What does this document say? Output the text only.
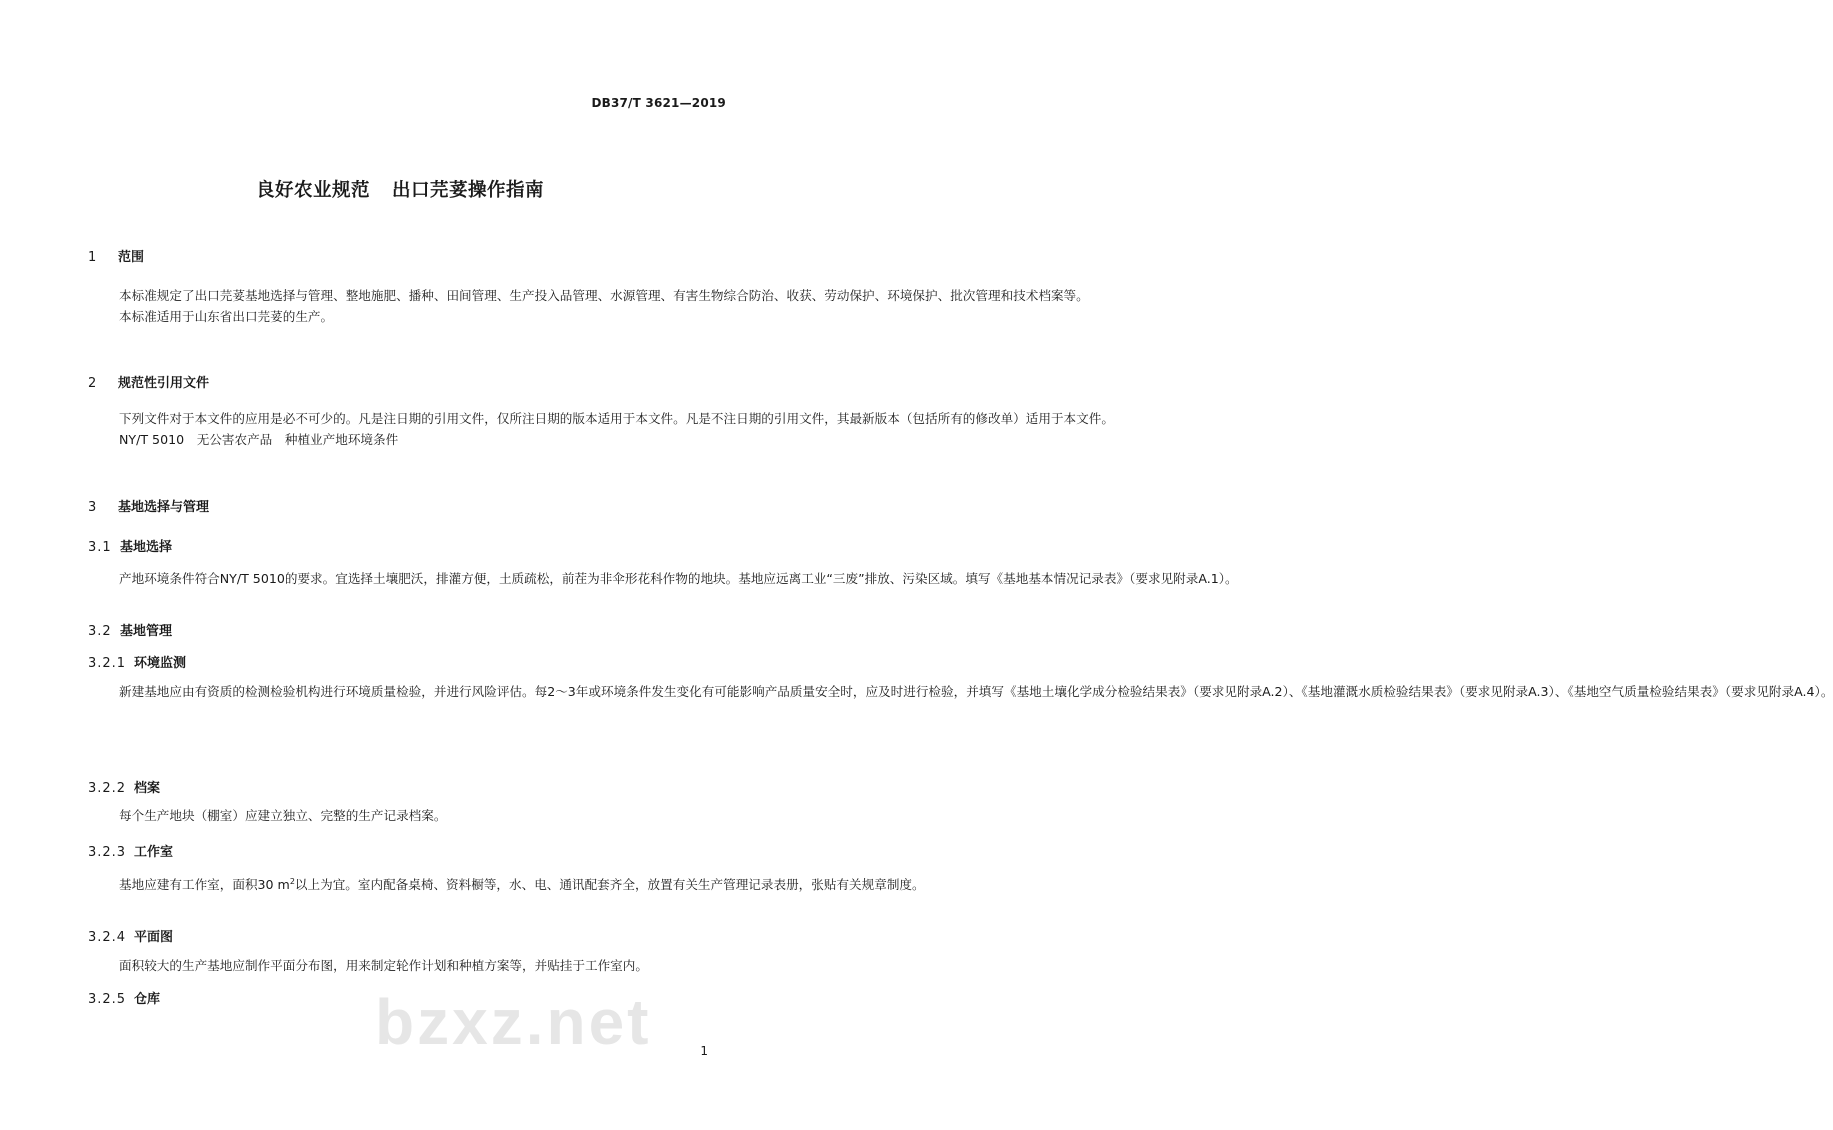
DB37/T 3621—2019
良好农业规范 出口芫荽操作指南
1 范围

本标准规定了出口芫荽基地选择与管理、整地施肥、播种、田间管理、生产投入品管理、水源管理、有害生物综合防治、收获、劳动保护、环境保护、批次管理和技术档案等。

本标准适用于山东省出口芫荽的生产。

2 规范性引用文件

下列文件对于本文件的应用是必不可少的。凡是注日期的引用文件，仅所注日期的版本适用于本文件。凡是不注日期的引用文件，其最新版本（包括所有的修改单）适用于本文件。

NY/T 5010　无公害农产品　种植业产地环境条件

3 基地选择与管理
3.1 基地选择

产地环境条件符合NY/T 5010的要求。宜选择土壤肥沃，排灌方便，土质疏松，前茬为非伞形花科作物的地块。基地应远离工业“三废”排放、污染区域。填写《基地基本情况记录表》（要求见附录A.1）。

3.2 基地管理
3.2.1 环境监测

新建基地应由有资质的检测检验机构进行环境质量检验，并进行风险评估。每2～3年或环境条件发生变化有可能影响产品质量安全时，应及时进行检验，并填写《基地土壤化学成分检验结果表》（要求见附录A.2）、《基地灌溉水质检验结果表》（要求见附录A.3）、《基地空气质量检验结果表》（要求见附录A.4）。

3.2.2 档案

每个生产地块（棚室）应建立独立、完整的生产记录档案。

3.2.3 工作室

基地应建有工作室，面积30 $m^2$以上为宜。室内配备桌椅、资料橱等，水、电、通讯配套齐全，放置有关生产管理记录表册，张贴有关规章制度。

3.2.4 平面图

面积较大的生产基地应制作平面分布图，用来制定轮作计划和种植方案等，并贴挂于工作室内。

3.2.5 仓库	bzxz.net	1
